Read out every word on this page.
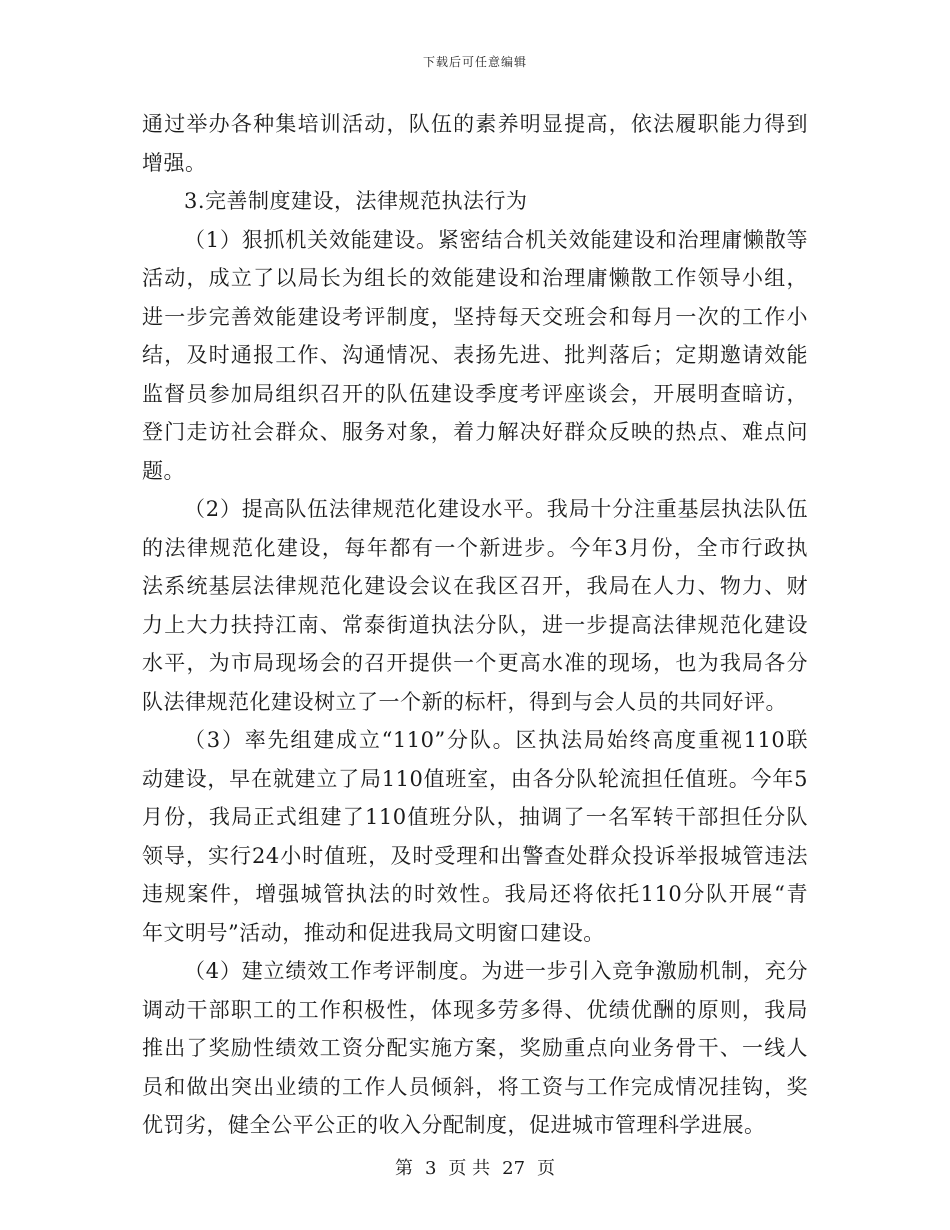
下载后可任意编辑
通过举办各种集培训活动，队伍的素养明显提高，依法履职能力得到
增强。
3.完善制度建设，法律规范执法行为
（1）狠抓机关效能建设。紧密结合机关效能建设和治理庸懒散等
活动，成立了以局长为组长的效能建设和治理庸懒散工作领导小组，
进一步完善效能建设考评制度，坚持每天交班会和每月一次的工作小
结，及时通报工作、沟通情况、表扬先进、批判落后；定期邀请效能
监督员参加局组织召开的队伍建设季度考评座谈会，开展明查暗访，
登门走访社会群众、服务对象，着力解决好群众反映的热点、难点问
题。
（2）提高队伍法律规范化建设水平。我局十分注重基层执法队伍
的法律规范化建设，每年都有一个新进步。今年3月份，全市行政执
法系统基层法律规范化建设会议在我区召开，我局在人力、物力、财
力上大力扶持江南、常泰街道执法分队，进一步提高法律规范化建设
水平，为市局现场会的召开提供一个更高水准的现场，也为我局各分
队法律规范化建设树立了一个新的标杆，得到与会人员的共同好评。
（3）率先组建成立“110”分队。区执法局始终高度重视110联
动建设，早在就建立了局110值班室，由各分队轮流担任值班。今年5
月份，我局正式组建了110值班分队，抽调了一名军转干部担任分队
领导，实行24小时值班，及时受理和出警查处群众投诉举报城管违法
违规案件，增强城管执法的时效性。我局还将依托110分队开展“青
年文明号”活动，推动和促进我局文明窗口建设。
（4）建立绩效工作考评制度。为进一步引入竞争激励机制，充分
调动干部职工的工作积极性，体现多劳多得、优绩优酬的原则，我局
推出了奖励性绩效工资分配实施方案，奖励重点向业务骨干、一线人
员和做出突出业绩的工作人员倾斜，将工资与工作完成情况挂钩，奖
优罚劣，健全公平公正的收入分配制度，促进城市管理科学进展。
第 3 页 共 27 页
